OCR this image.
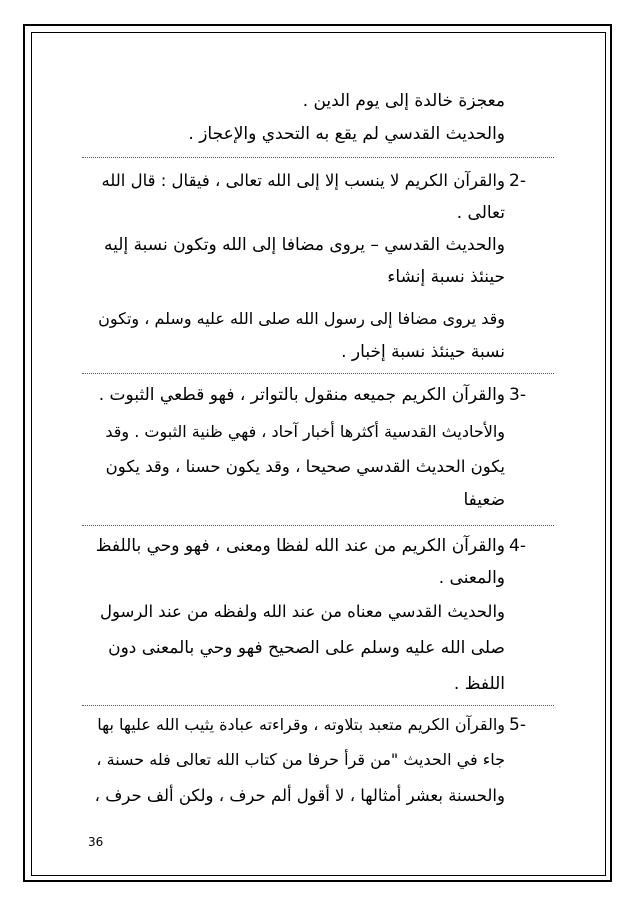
معجزة خالدة إلى يوم الدين .
والحديث القدسي لم يقع به التحدي والإعجاز .
2-
والقرآن الكريم لا ينسب إلا إلى الله تعالى ، فيقال : قال الله
تعالى .
والحديث القدسي – يروى مضافا إلى الله وتكون نسبة إليه
حينئذ نسبة إنشاء
وقد يروى مضافا إلى رسول الله صلى الله عليه وسلم ، وتكون
نسبة حينئذ نسبة إخبار .
3-
والقرآن الكريم جميعه منقول بالتواتر ، فهو قطعي الثبوت .
والأحاديث القدسية أكثرها أخبار آحاد ، فهي ظنية الثبوت . وقد
يكون الحديث القدسي صحيحا ، وقد يكون حسنا ، وقد يكون
ضعيفا
4-
والقرآن الكريم من عند الله لفظا ومعنى ، فهو وحي باللفظ
والمعنى .
والحديث القدسي معناه من عند الله ولفظه من عند الرسول
صلى الله عليه وسلم على الصحيح فهو وحي بالمعنى دون
اللفظ .
5-
والقرآن الكريم متعبد بتلاوته ، وقراءته عبادة يثيب الله عليها بها
جاء في الحديث "من قرأ حرفا من كتاب الله تعالى فله حسنة ،
والحسنة بعشر أمثالها ، لا أقول ألم حرف ، ولكن ألف حرف ،
36
